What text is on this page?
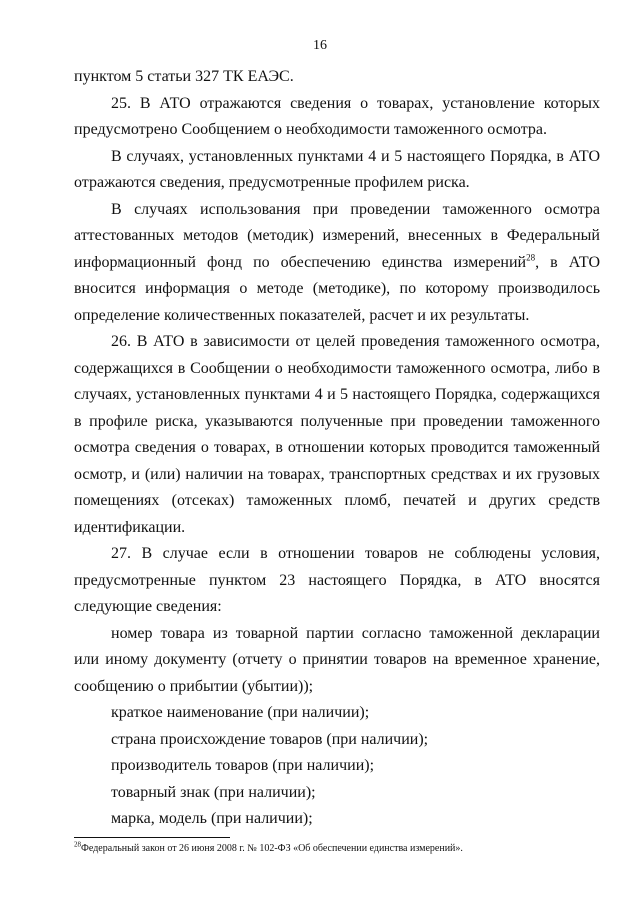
16

пунктом 5 статьи 327 ТК ЕАЭС.

25. В АТО отражаются сведения о товарах, установление которых предусмотрено Сообщением о необходимости таможенного осмотра.

В случаях, установленных пунктами 4 и 5 настоящего Порядка, в АТО отражаются сведения, предусмотренные профилем риска.

В случаях использования при проведении таможенного осмотра аттестованных методов (методик) измерений, внесенных в Федеральный информационный фонд по обеспечению единства измерений$^{28}$, в АТО вносится информация о методе (методике), по которому производилось определение количественных показателей, расчет и их результаты.

26. В АТО в зависимости от целей проведения таможенного осмотра, содержащихся в Сообщении о необходимости таможенного осмотра, либо в случаях, установленных пунктами 4 и 5 настоящего Порядка, содержащихся в профиле риска, указываются полученные при проведении таможенного осмотра сведения о товарах, в отношении которых проводится таможенный осмотр, и (или) наличии на товарах, транспортных средствах и их грузовых помещениях (отсеках) таможенных пломб, печатей и других средств идентификации.

27. В случае если в отношении товаров не соблюдены условия, предусмотренные пунктом 23 настоящего Порядка, в АТО вносятся следующие сведения:

номер товара из товарной партии согласно таможенной декларации или иному документу (отчету о принятии товаров на временное хранение, сообщению о прибытии (убытии));

краткое наименование (при наличии);

страна происхождение товаров (при наличии);

производитель товаров (при наличии);

товарный знак (при наличии);

марка, модель (при наличии);

$^{28}$Федеральный закон от 26 июня 2008 г. № 102-ФЗ «Об обеспечении единства измерений».
